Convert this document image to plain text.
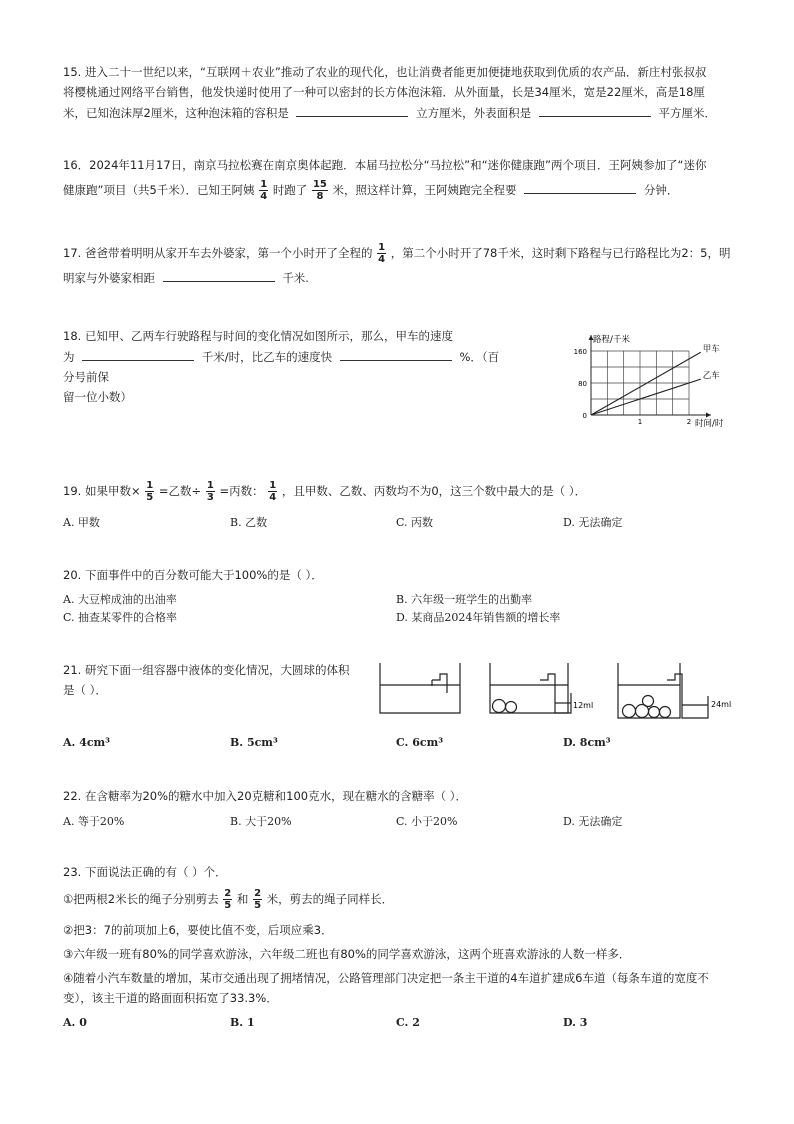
15. 进入二十一世纪以来，“互联网＋农业”推动了农业的现代化，也让消费者能更加便捷地获取到优质的农产品．新庄村张叔叔
将樱桃通过网络平台销售，他发快递时使用了一种可以密封的长方体泡沫箱．从外面量，长是34厘米，宽是22厘米，高是18厘
米，已知泡沫厚2厘米，这种泡沫箱的容积是	立方厘米，外表面积是	平方厘米．
16．2024年11月17日，南京马拉松赛在南京奥体起跑．本届马拉松分“马拉松”和“迷你健康跑”两个项目．王阿姨参加了“迷你
健康跑”项目（共5千米）．已知王阿姨 $\frac{1}{4}$ 时跑了 $\frac{15}{8}$ 米，照这样计算，王阿姨跑完全程要	分钟．
17. 爸爸带着明明从家开车去外婆家，第一个小时开了全程的 $\frac{1}{4}$ ，第二个小时开了78千米，这时剩下路程与已行路程比为2：5，明
明家与外婆家相距	千米.
18. 已知甲、乙两车行驶路程与时间的变化情况如图所示，那么，甲车的速度
为	千米/时，比乙车的速度快	%．（百分号前保
留一位小数）
路程/千米
时间/时
0
80
160
1	2
甲车
乙车
19. 如果甲数× $\frac{1}{5}$ =乙数÷ $\frac{1}{3}$ =丙数： $\frac{1}{4}$ ，且甲数、乙数、丙数均不为0，这三个数中最大的是（ ）．
A. 甲数	B. 乙数	C. 丙数	D. 无法确定
20. 下面事件中的百分数可能大于100%的是（ ）．
A. 大豆榨成油的出油率	B. 六年级一班学生的出勤率
C. 抽查某零件的合格率	D. 某商品2024年销售额的增长率
21. 研究下面一组容器中液体的变化情况，大圆球的体积
是（ ）．
12ml	24ml
A. 4cm³	B. 5cm³	C. 6cm³	D. 8cm³
22. 在含糖率为20%的糖水中加入20克糖和100克水，现在糖水的含糖率（ ）．
A. 等于20%	B. 大于20%	C. 小于20%	D. 无法确定
23. 下面说法正确的有（ ）个．
①把两根2米长的绳子分别剪去 $\frac{2}{5}$ 和 $\frac{2}{5}$ 米，剪去的绳子同样长．
②把3：7的前项加上6，要使比值不变，后项应乘3．
③六年级一班有80%的同学喜欢游泳，六年级二班也有80%的同学喜欢游泳，这两个班喜欢游泳的人数一样多．
④随着小汽车数量的增加，某市交通出现了拥堵情况，公路管理部门决定把一条主干道的4车道扩建成6车道（每条车道的宽度不
变），该主干道的路面面积拓宽了33.3%．
A. 0	B. 1	C. 2	D. 3
